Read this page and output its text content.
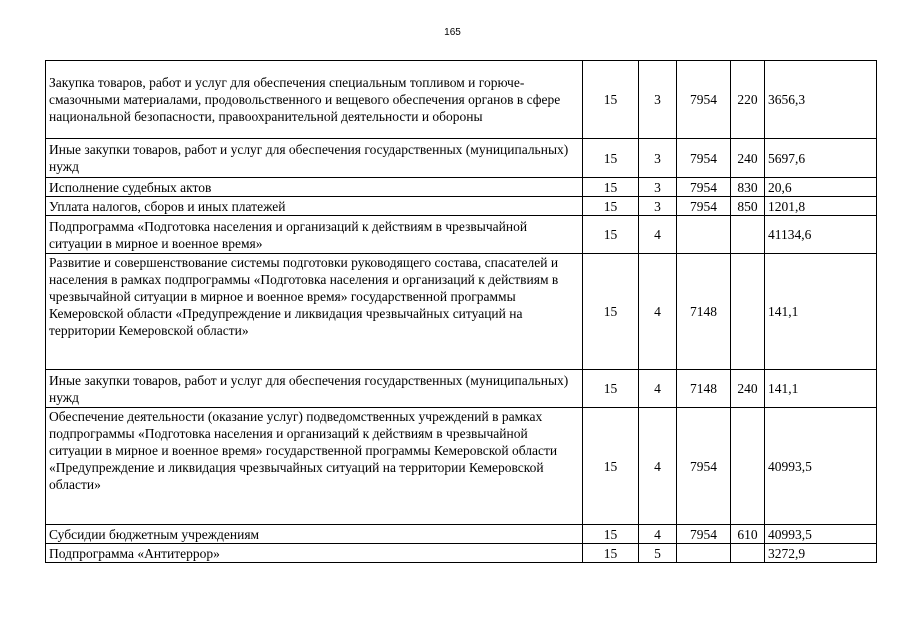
165
Закупка товаров, работ и услуг для обеспечения специальным топливом и горюче-смазочными материалами, продовольственного и вещевого обеспечения органов в сфере национальной безопасности, правоохранительной деятельности и обороны	15	3	7954	220	3656,3
Иные закупки товаров, работ и услуг для обеспечения государственных (муниципальных) нужд	15	3	7954	240	5697,6
Исполнение судебных актов	15	3	7954	830	20,6
Уплата налогов, сборов и иных платежей	15	3	7954	850	1201,8
Подпрограмма «Подготовка населения и организаций к действиям в чрезвычайной ситуации в мирное и военное время»	15	4			41134,6
Развитие и совершенствование системы подготовки руководящего состава, спасателей и населения в рамках подпрограммы «Подготовка населения и организаций к действиям в чрезвычайной ситуации в мирное и военное время» государственной программы Кемеровской области «Предупреждение и ликвидация чрезвычайных ситуаций на территории Кемеровской области»	15	4	7148		141,1
Иные закупки товаров, работ и услуг для обеспечения государственных (муниципальных) нужд	15	4	7148	240	141,1
Обеспечение деятельности (оказание услуг) подведомственных учреждений в рамках подпрограммы «Подготовка населения и организаций к действиям в чрезвычайной ситуации в мирное и военное время» государственной программы Кемеровской области «Предупреждение и ликвидация чрезвычайных ситуаций на территории Кемеровской области»	15	4	7954		40993,5
Субсидии бюджетным учреждениям	15	4	7954	610	40993,5
Подпрограмма «Антитеррор»	15	5			3272,9
